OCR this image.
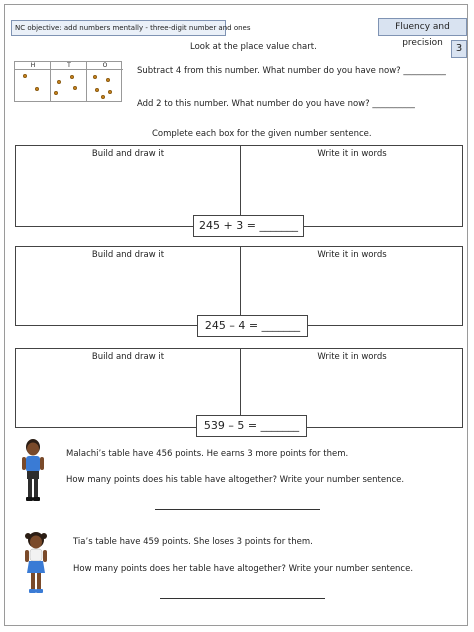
NC objective: add numbers mentally - three-digit number and ones	Fluency and precision	3
Look at the place value chart.
H	T	O
Subtract 4 from this number. What number do you have now? __________
Add 2 to this number. What number do you have now? __________
Complete each box for the given number sentence.
Build and draw it	Write it in words
245 + 3 = _______
Build and draw it	Write it in words
245 – 4 = _______
Build and draw it	Write it in words
539 – 5 = _______
Malachi’s table have 456 points. He earns 3 more points for them.
How many points does his table have altogether? Write your number sentence.
Tia’s table have 459 points. She loses 3 points for them.
How many points does her table have altogether? Write your number sentence.
